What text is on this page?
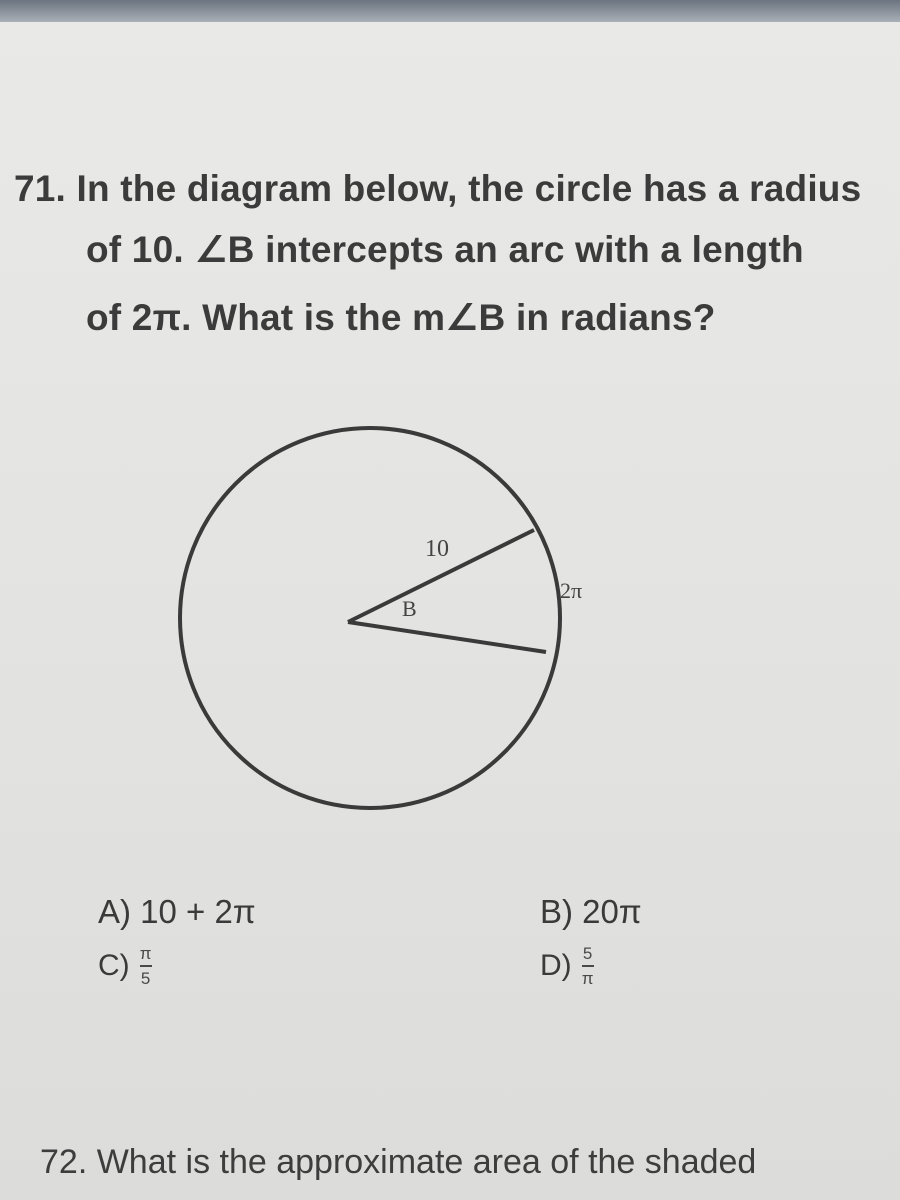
71. In the diagram below, the circle has a radius
of 10. ∠B intercepts an arc with a length
of 2π. What is the m∠B in radians?
10
B
2π
A) 10 + 2π	B) 20π
$C) \frac{\pi}{5}$	$D) \frac{5}{\pi}$
72. What is the approximate area of the shaded
